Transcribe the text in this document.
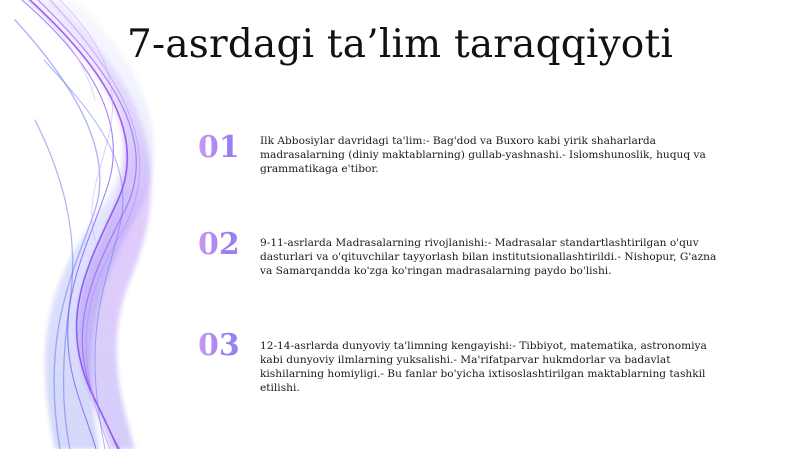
7-asrdagi ta’lim taraqqiyoti
01	Ilk Abbosiylar davridagi ta'lim:- Bag'dod va Buxoro kabi yirik shaharlarda madrasalarning (diniy maktablarning) gullab-yashnashi.- Islomshunoslik, huquq va grammatikaga e'tibor.

02	9-11-asrlarda Madrasalarning rivojlanishi:- Madrasalar standartlashtirilgan o'quv dasturlari va o'qituvchilar tayyorlash bilan institutsionallashtirildi.- Nishopur, G'azna va Samarqandda ko'zga ko'ringan madrasalarning paydo bo'lishi.

03	12-14-asrlarda dunyoviy ta'limning kengayishi:- Tibbiyot, matematika, astronomiya kabi dunyoviy ilmlarning yuksalishi.- Ma'rifatparvar hukmdorlar va badavlat kishilarning homiyligi.- Bu fanlar bo'yicha ixtisoslashtirilgan maktablarning tashkil etilishi.
